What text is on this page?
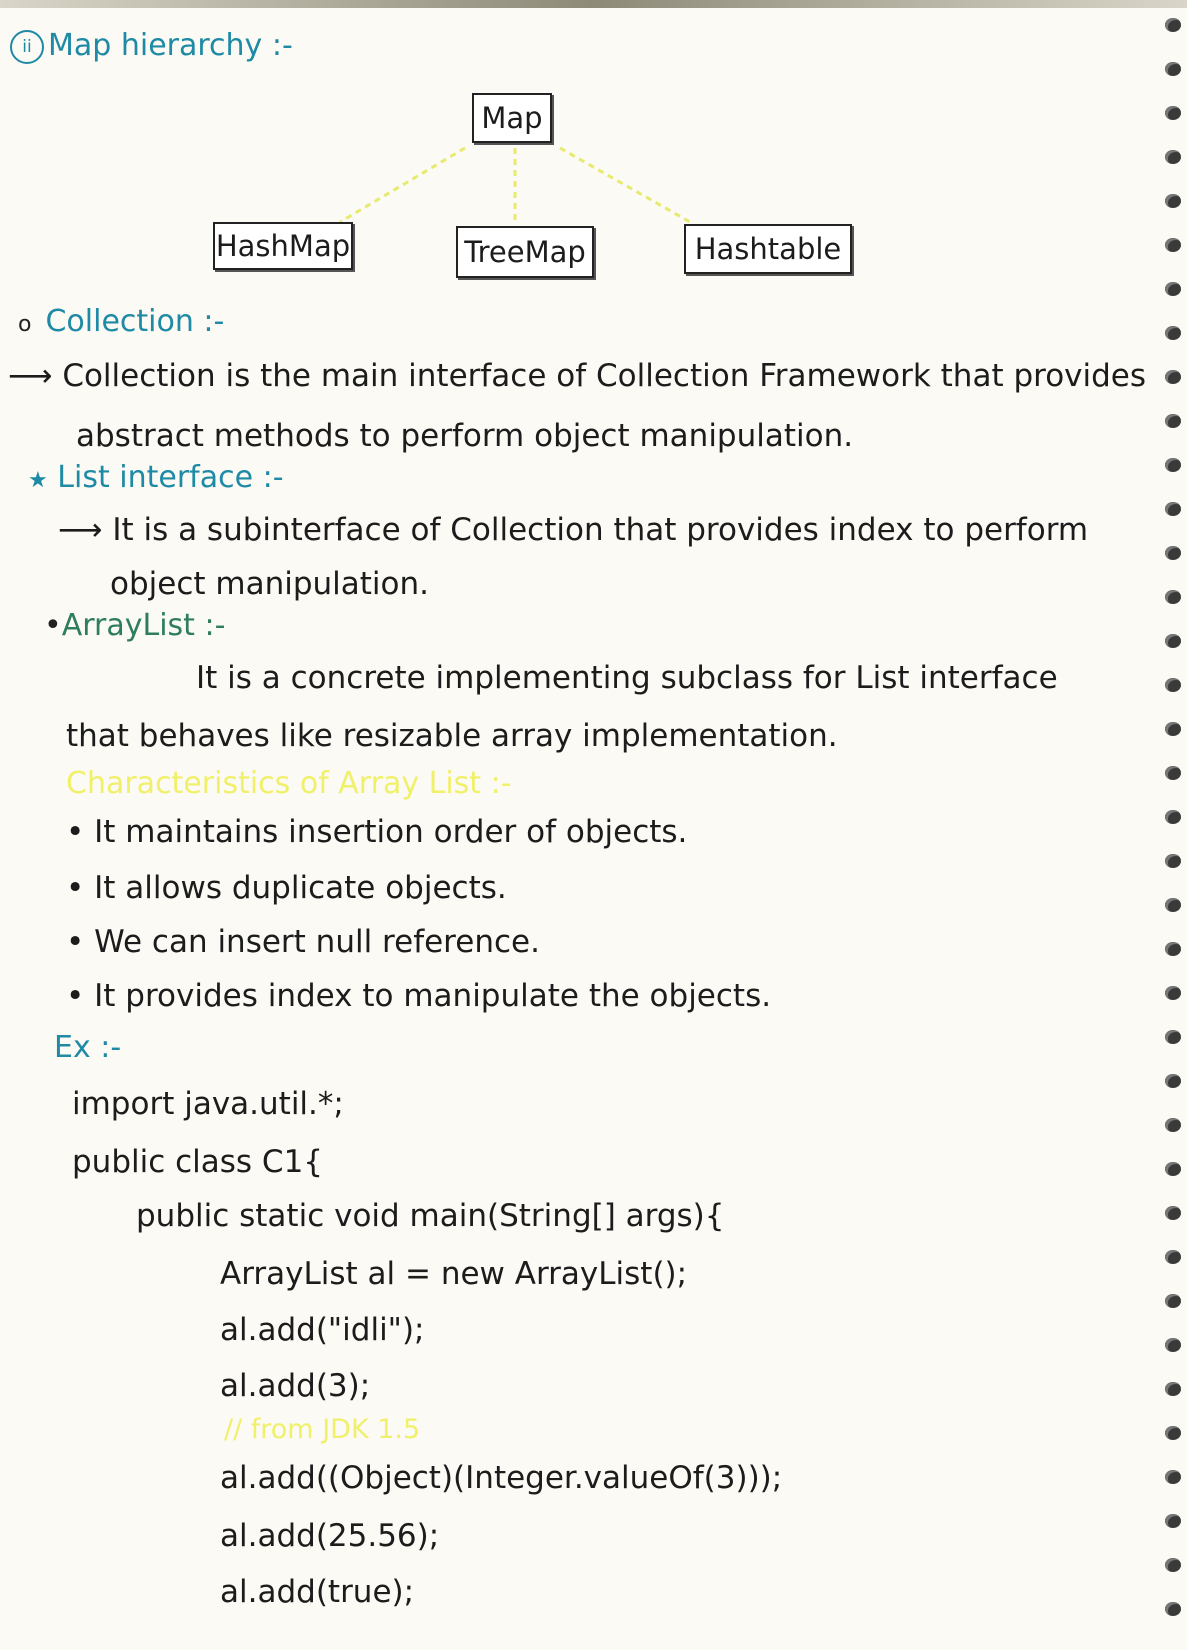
ii Map hierarchy :-
Map
HashMap	TreeMap	Hashtable
o Collection :-
⟶ Collection is the main interface of Collection Framework that provides
abstract methods to perform object manipulation.
★ List interface :-
⟶ It is a subinterface of Collection that provides index to perform
object manipulation.
•ArrayList :-
It is a concrete implementing subclass for List interface
that behaves like resizable array implementation.
Characteristics of Array List :-
• It maintains insertion order of objects.
• It allows duplicate objects.
• We can insert null reference.
• It provides index to manipulate the objects.
Ex :-
import java.util.*;
public class C1{
public static void main(String[] args){
ArrayList al = new ArrayList();
al.add("idli");
al.add(3);
// from JDK 1.5
al.add((Object)(Integer.valueOf(3)));
al.add(25.56);
al.add(true);
